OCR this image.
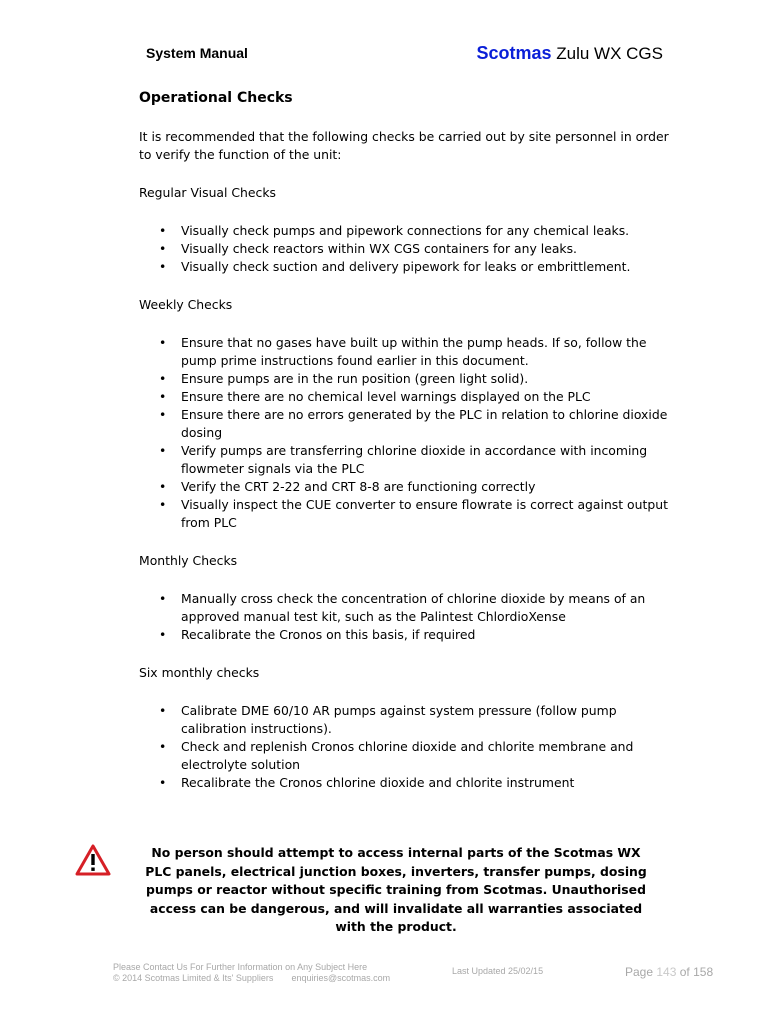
System Manual	Scotmas Zulu WX CGS
Operational Checks

It is recommended that the following checks be carried out by site personnel in order to verify the function of the unit:

Regular Visual Checks
• Visually check pumps and pipework connections for any chemical leaks.
• Visually check reactors within WX CGS containers for any leaks.
• Visually check suction and delivery pipework for leaks or embrittlement.
Weekly Checks
• Ensure that no gases have built up within the pump heads. If so, follow the pump prime instructions found earlier in this document.
• Ensure pumps are in the run position (green light solid).
• Ensure there are no chemical level warnings displayed on the PLC
• Ensure there are no errors generated by the PLC in relation to chlorine dioxide dosing
• Verify pumps are transferring chlorine dioxide in accordance with incoming flowmeter signals via the PLC
• Verify the CRT 2-22 and CRT 8-8 are functioning correctly
• Visually inspect the CUE converter to ensure flowrate is correct against output from PLC
Monthly Checks
• Manually cross check the concentration of chlorine dioxide by means of an approved manual test kit, such as the Palintest ChlordioXense
• Recalibrate the Cronos on this basis, if required
Six monthly checks
• Calibrate DME 60/10 AR pumps against system pressure (follow pump calibration instructions).
• Check and replenish Cronos chlorine dioxide and chlorite membrane and electrolyte solution
• Recalibrate the Cronos chlorine dioxide and chlorite instrument
No person should attempt to access internal parts of the Scotmas WX PLC panels, electrical junction boxes, inverters, transfer pumps, dosing pumps or reactor without specific training from Scotmas. Unauthorised access can be dangerous, and will invalidate all warranties associated with the product.
Please Contact Us For Further Information on Any Subject Here
© 2014 Scotmas Limited & Its' Suppliers enquiries@scotmas.com
Last Updated 25/02/15	Page 143 of 158
